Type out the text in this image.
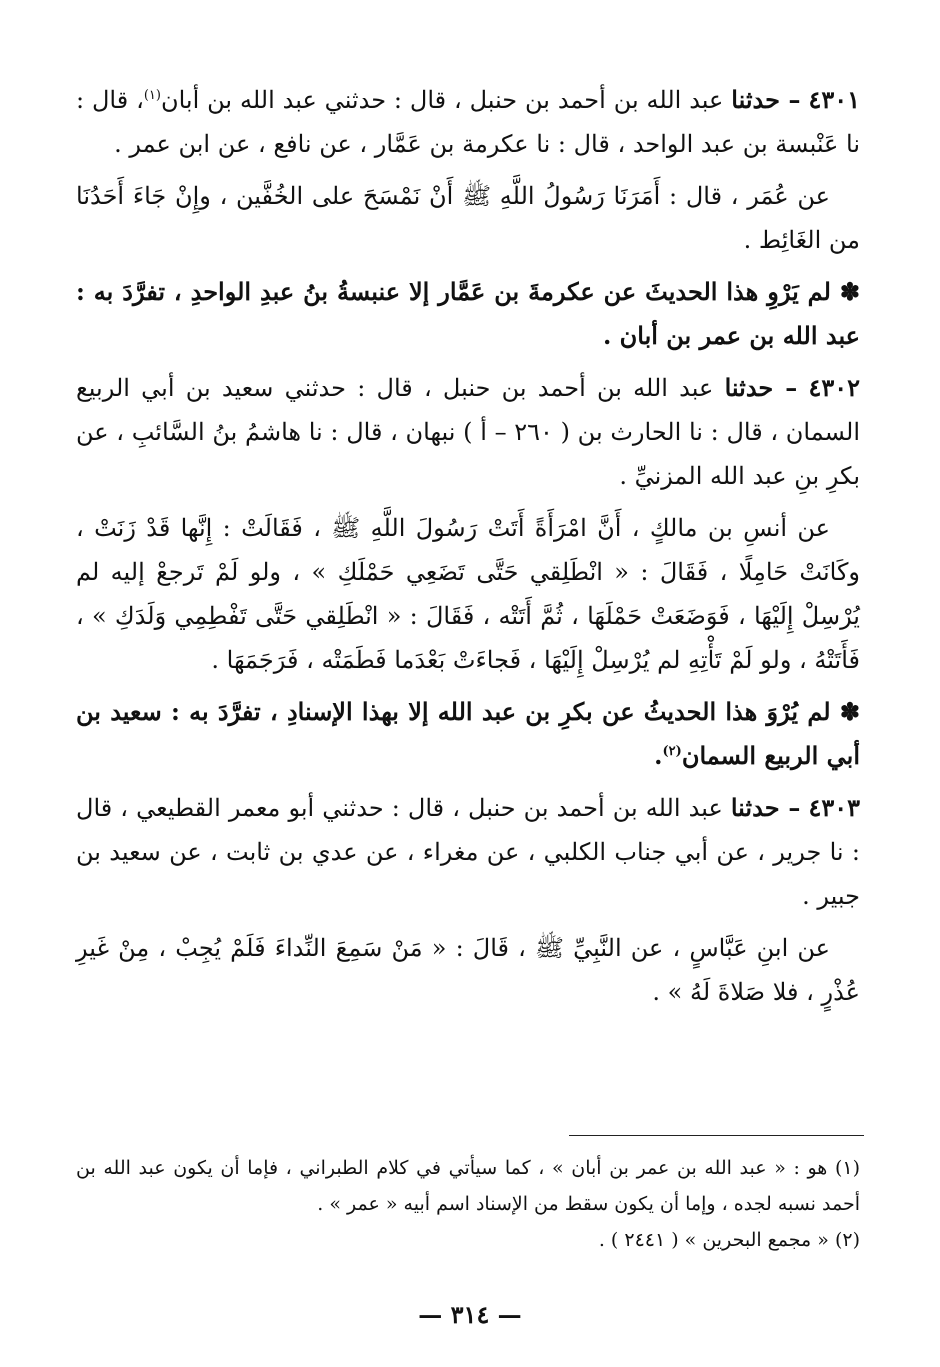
٤٣٠١ – حدثنا عبد الله بن أحمد بن حنبل ، قال : حدثني عبد الله بن أبان$^{(١)}$، قال : نا عَنْبسة بن عبد الواحد ، قال : نا عكرمة بن عَمَّار ، عن نافع ، عن ابن عمر .

عن عُمَر ، قال : أَمَرَنَا رَسُولُ اللَّهِ ﷺ أَنْ نَمْسَحَ على الخُفَّين ، وإِنْ جَاءَ أَحَدُنَا من الغَائِط .

✽ لم يَرْوِ هذا الحديثَ عن عكرمةَ بن عَمَّار إلا عنبسةُ بنُ عبدِ الواحدِ ، تفرَّدَ به : عبد الله بن عمر بن أبان .

٤٣٠٢ – حدثنا عبد الله بن أحمد بن حنبل ، قال : حدثني سعيد بن أبي الربيع السمان ، قال : نا الحارث بن ( ٢٦٠ – أ ) نبهان ، قال : نا هاشمُ بنُ السَّائبِ ، عن بكرِ بنِ عبد الله المزنيِّ .

عن أنسِ بن مالكٍ ، أَنَّ امْرَأَةً أَتَتْ رَسُولَ اللَّهِ ﷺ ، فَقَالَتْ : إِنَّها قَدْ زَنَتْ ، وكَانَتْ حَامِلًا ، فَقَالَ : « انْطَلِقي حَتَّى تَضَعِي حَمْلَكِ » ، ولو لَمْ تَرجعْ إليه لم يُرْسِلْ إِلَيْهَا ، فَوَضَعَتْ حَمْلَهَا ، ثُمَّ أَتَتْه ، فَقَالَ : « انْطَلِقي حَتَّى تَفْطِمِي وَلَدَكِ » ، فَأَتَتْهُ ، ولو لَمْ تَأْتِهِ لم يُرْسِلْ إِلَيْهَا ، فَجاءَتْ بَعْدَما فَطَمَتْه ، فَرَجَمَهَا .

✽ لم يُرْوَ هذا الحديثُ عن بكرِ بن عبد الله إلا بهذا الإسنادِ ، تفرَّدَ به : سعيد بن أبي الربيع السمان$^{(٢)}$.

٤٣٠٣ – حدثنا عبد الله بن أحمد بن حنبل ، قال : حدثني أبو معمر القطيعي ، قال : نا جرير ، عن أبي جناب الكلبي ، عن مغراء ، عن عدي بن ثابت ، عن سعيد بن جبير .

عن ابنِ عَبَّاسٍ ، عن النَّبِيِّ ﷺ ، قَالَ : « مَنْ سَمِعَ النِّداءَ فَلَمْ يُجِبْ ، مِنْ غَيرِ عُذْرٍ ، فلا صَلاةَ لَهُ » .

(١) هو : « عبد الله بن عمر بن أبان » ، كما سيأتي في كلام الطبراني ، فإما أن يكون عبد الله بن أحمد نسبه لجده ، وإما أن يكون سقط من الإسناد اسم أبيه « عمر » .

(٢) « مجمع البحرين » ( ٢٤٤١ ) .

— ٣١٤ —
